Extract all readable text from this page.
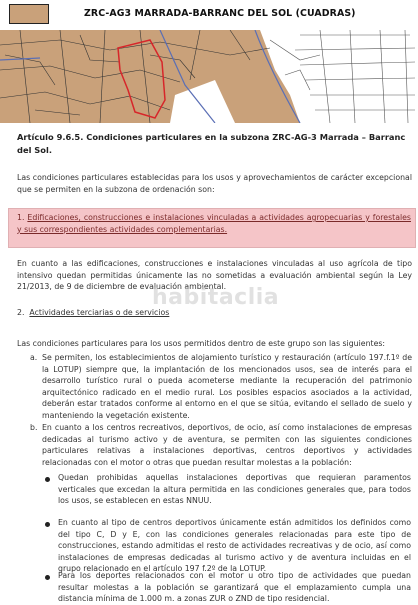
ZRC-AG3 MARRADA-BARRANC DEL SOL (CUADRAS)
Artículo 9.6.5. Condiciones particulares en la subzona ZRC-AG-3 Marrada – Barranc del Sol.
Las condiciones particulares establecidas para los usos y aprovechamientos de carácter excepcional que se permiten en la subzona de ordenación son:
1. Edificaciones, construcciones e instalaciones vinculadas a actividades agropecuarias y forestales y sus correspondientes actividades complementarias.
En cuanto a las edificaciones, construcciones e instalaciones vinculadas al uso agrícola de tipo intensivo quedan permitidas únicamente las no sometidas a evaluación ambiental según la Ley 21/2013, de 9 de diciembre de evaluación ambiental.
habitaclia
2. Actividades terciarias o de servicios
Las condiciones particulares para los usos permitidos dentro de este grupo son las siguientes:
a. Se permiten, los establecimientos de alojamiento turístico y restauración (artículo 197.f.1º de la LOTUP) siempre que, la implantación de los mencionados usos, sea de interés para el desarrollo turístico rural o pueda acometerse mediante la recuperación del patrimonio arquitectónico radicado en el medio rural. Los posibles espacios asociados a la actividad, deberán estar tratados conforme al entorno en el que se sitúa, evitando el sellado de suelo y manteniendo la vegetación existente.
b. En cuanto a los centros recreativos, deportivos, de ocio, así como instalaciones de empresas dedicadas al turismo activo y de aventura, se permiten con las siguientes condiciones particulares relativas a instalaciones deportivas, centros deportivos y actividades relacionadas con el motor o otras que puedan resultar molestas a la población:
Quedan prohibidas aquellas instalaciones deportivas que requieran paramentos verticales que excedan la altura permitida en las condiciones generales que, para todos los usos, se establecen en estas NNUU.
En cuanto al tipo de centros deportivos únicamente están admitidos los definidos como del tipo C, D y E, con las condiciones generales relacionadas para este tipo de construcciones, estando admitidas el resto de actividades recreativas y de ocio, así como instalaciones de empresas dedicadas al turismo activo y de aventura incluidas en el grupo relacionado en el artículo 197 f.2º de la LOTUP.
Para los deportes relacionados con el motor u otro tipo de actividades que puedan resultar molestas a la población se garantizará que el emplazamiento cumpla una distancia mínima de 1.000 m. a zonas ZUR o ZND de tipo residencial.
